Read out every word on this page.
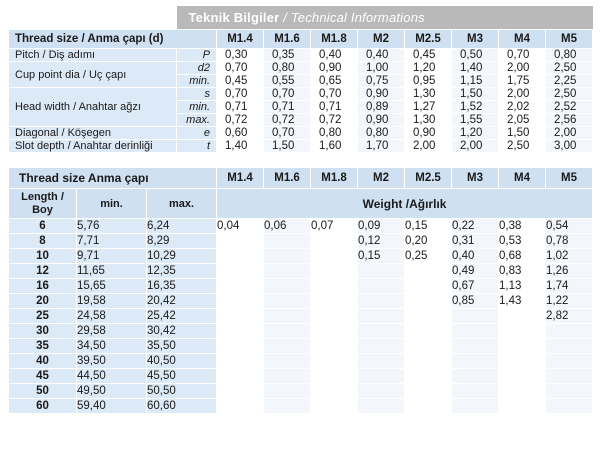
	Teknik Bilgiler / Technical Informations								
Thread size / Anma çapı (d)		M1.4	M1.6	M1.8	M2	M2.5	M3	M4	M5
Pitch / Diş adımı	P	0,30	0,35	0,40	0,40	0,45	0,50	0,70	0,80
Cup point dia / Uç çapı	d2	0,70	0,80	0,90	1,00	1,20	1,40	2,00	2,50
	min.	0,45	0,55	0,65	0,75	0,95	1,15	1,75	2,25
Head width / Anahtar ağzı	s	0,70	0,70	0,70	0,90	1,30	1,50	2,00	2,50
	min.	0,71	0,71	0,71	0,89	1,27	1,52	2,02	2,52
	max.	0,72	0,72	0,72	0,90	1,30	1,55	2,05	2,56
Diagonal / Köşegen	e	0,60	0,70	0,80	0,80	0,90	1,20	1,50	2,00
Slot depth / Anahtar derinliği	t	1,40	1,50	1,60	1,70	2,00	2,00	2,50	3,00
Thread size Anma çapı			M1.4	M1.6	M1.8	M2	M2.5	M3	M4	M5
Length /
Boy	min.	max.	Weight /Ağırlık							
6	5,76	6,24	0,04	0,06	0,07	0,09	0,15	0,22	0,38	0,54
8	7,71	8,29				0,12	0,20	0,31	0,53	0,78
10	9,71	10,29				0,15	0,25	0,40	0,68	1,02
12	11,65	12,35						0,49	0,83	1,26
16	15,65	16,35						0,67	1,13	1,74
20	19,58	20,42						0,85	1,43	1,22
25	24,58	25,42								2,82
30	29,58	30,42								
35	34,50	35,50								
40	39,50	40,50								
45	44,50	45,50								
50	49,50	50,50								
60	59,40	60,60								
